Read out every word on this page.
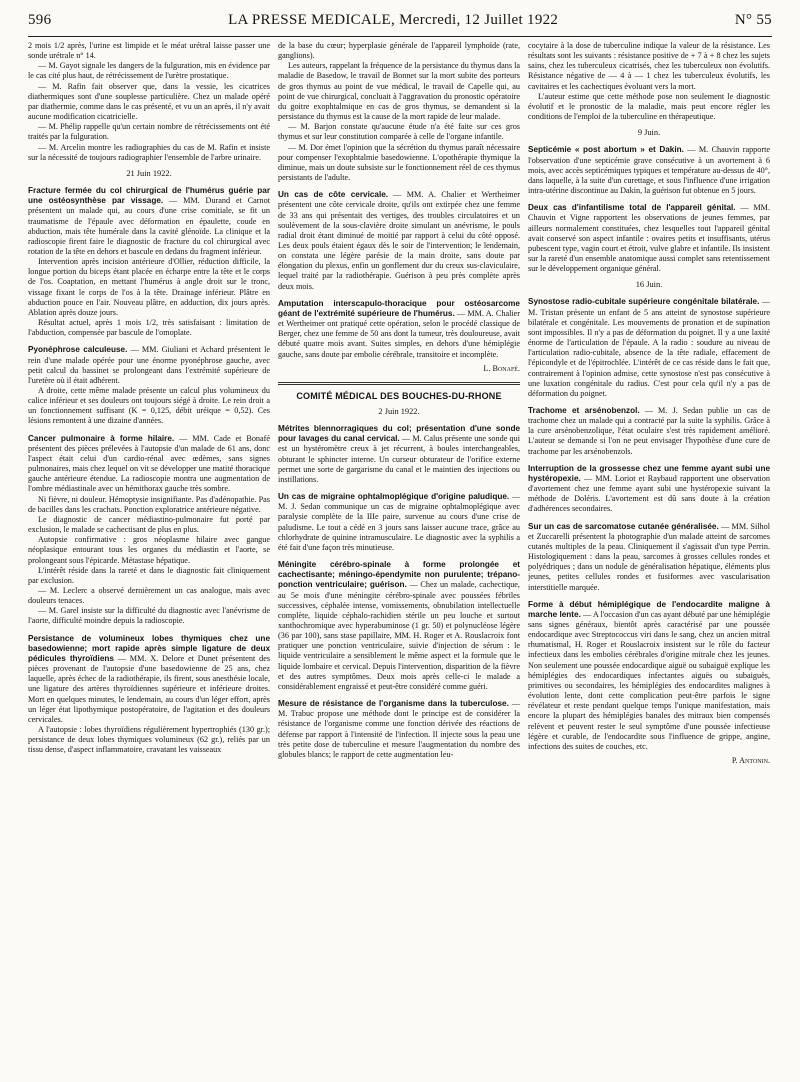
596	LA PRESSE MEDICALE, Mercredi, 12 Juillet 1922	N° 55

2 mois 1/2 après, l'urine est limpide et le méat urétral laisse passer une sonde urétrale n° 14.

— M. Gayot signale les dangers de la fulguration, mis en évidence par le cas cité plus haut, de rétrécissement de l'urètre prostatique.

— M. Rafin fait observer que, dans la vessie, les cicatrices diathermiques sont d'une souplesse particulière. Chez un malade opéré par diathermie, comme dans le cas présenté, et vu un an après, il n'y avait aucune modification cicatricielle.

— M. Phélip rappelle qu'un certain nombre de rétrécissements ont été traités par la fulguration.

— M. Arcelin montre les radiographies du cas de M. Rafin et insiste sur la nécessité de toujours radiographier l'ensemble de l'arbre urinaire.

21 Juin 1922.

Fracture fermée du col chirurgical de l'humérus guérie par une ostéosynthèse par vissage. — MM. Durand et Carnot présentent un malade qui, au cours d'une crise comitiale, se fit un traumatisme de l'épaule avec déformation en épaulette, coude en abduction, mais tête humérale dans la cavité glénoïde. La clinique et la radioscopie firent faire le diagnostic de fracture du col chirurgical avec rotation de la tête en dehors et bascule en dedans du fragment inférieur.

Intervention après incision antérieure d'Ollier, réduction difficile, la longue portion du biceps étant placée en écharpe entre la tête et le corps de l'os. Coaptation, en mettant l'humérus à angle droit sur le tronc, vissage fixant le corps de l'os à la tête. Drainage inférieur. Plâtre en abduction pouce en l'air. Nouveau plâtre, en adduction, dix jours après. Ablation après douze jours.

Résultat actuel, après 1 mois 1/2, très satisfaisant : limitation de l'abduction, compensée par bascule de l'omoplate.

Pyonéphrose calculeuse. — MM. Giuliani et Achard présentent le rein d'une malade opérée pour une énorme pyonéphrose gauche, avec petit calcul du bassinet se prolongeant dans l'extrémité supérieure de l'uretère où il était adhérent.

A droite, cette même malade présente un calcul plus volumineux du calice inférieur et ses douleurs ont toujours siégé à droite. Le rein droit a un fonctionnement suffisant (K = 0,125, débit uréique = 0,52). Ces lésions remontent à une dizaine d'années.

Cancer pulmonaire à forme hilaire. — MM. Cade et Bonafé présentent des pièces prélevées à l'autopsie d'un malade de 61 ans, donc l'aspect était celui d'un cardio-rénal avec œdèmes, sans signes pulmonaires, mais chez lequel on vit se développer une matité thoracique gauche antérieure étendue. La radioscopie montra une augmentation de l'ombre médiastinale avec un hémithorax gauche très sombre.

Ni fièvre, ni douleur. Hémoptysie insignifiante. Pas d'adénopathie. Pas de bacilles dans les crachats. Ponction exploratrice antérieure négative.

Le diagnostic de cancer médiastino-pulmonaire fut porté par exclusion, le malade se cachectisant de plus en plus.

Autopsie confirmative : gros néoplasme hilaire avec gangue néoplasique entourant tous les organes du médiastin et l'aorte, se prolongeant sous l'épicarde. Métastase hépatique.

L'intérêt réside dans la rareté et dans le diagnostic fait cliniquement par exclusion.

— M. Leclerc a observé dernièrement un cas analogue, mais avec douleurs tenaces.

— M. Garel insiste sur la difficulté du diagnostic avec l'anévrisme de l'aorte, difficulté moindre depuis la radioscopie.

Persistance de volumineux lobes thymiques chez une basedowienne; mort rapide après simple ligature de deux pédicules thyroïdiens — MM. X. Delore et Dunet présentent des pièces provenant de l'autopsie d'une basedowienne de 25 ans, chez laquelle, après échec de la radiothérapie, ils firent, sous anesthésie locale, une ligature des artères thyroïdiennes supérieure et inférieure droites. Mort en quelques minutes, le lendemain, au cours d'un léger effort, après un léger état lipothymique postopératoire, de l'agitation et des douleurs cervicales.

A l'autopsie : lobes thyroïdiens régulièrement hypertrophiés (130 gr.); persistance de deux lobes thymiques volumineux (62 gr.), reliés par un tissu dense, d'aspect inflammatoire, cravatant les vaisseaux

de la base du cœur; hyperplasie générale de l'appareil lymphoïde (rate, ganglions).

Les auteurs, rappelant la fréquence de la persistance du thymus dans la maladie de Basedow, le travail de Bonnet sur la mort subite des porteurs de gros thymus au point de vue médical, le travail de Capelle qui, au point de vue chirurgical, concluait à l'aggravation du pronostic opératoire du goitre exophtalmique en cas de gros thymus, se demandent si la persistance du thymus est la cause de la mort rapide de leur malade.

— M. Barjon constate qu'aucune étude n'a été faite sur ces gros thymus et sur leur constitution comparée à celle de l'organe infantile.

— M. Dor émet l'opinion que la sécrétion du thymus paraît nécessaire pour compenser l'exophtalmie basedowienne. L'opothérapie thymique la diminue, mais un doute subsiste sur le fonctionnement réel de ces thymus persistants de l'adulte.

Un cas de côte cervicale. — MM. A. Chalier et Wertheimer présentent une côte cervicale droite, qu'ils ont extirpée chez une femme de 33 ans qui présentait des vertiges, des troubles circulatoires et un soulèvement de la sous-clavière droite simulant un anévrisme, le pouls radial droit étant diminué de moitié par rapport à celui du côté opposé. Les deux pouls étaient égaux dès le soir de l'intervention; le lendemain, on constata une légère parésie de la main droite, sans doute par élongation du plexus, enfin un gonflement dur du creux sus-claviculaire, lequel traité par la radiothérapie. Guérison à peu près complète après deux mois.

Amputation interscapulo-thoracique pour ostéosarcome géant de l'extrémité supérieure de l'humérus. — MM. A. Chalier et Wertheimer ont pratiqué cette opération, selon le procédé classique de Berger, chez une femme de 50 ans dont la tumeur, très douloureuse, avait débuté quatre mois avant. Suites simples, en dehors d'une hémiplégie gauche, sans doute par embolie cérébrale, transitoire et incomplète.

L. Bonafé.
COMITÉ MÉDICAL DES BOUCHES-DU-RHONE
2 Juin 1922.

Métrites blennorragiques du col; présentation d'une sonde pour lavages du canal cervical. — M. Calus présente une sonde qui est un hystéromètre creux à jet récurrent, à boules interchangeables, obturant le sphincter interne. Un curseur obturateur de l'orifice externe permet une sorte de gargarisme du canal et le maintien des injections ou instillations.

Un cas de migraine ophtalmoplégique d'origine paludique. — M. J. Sedan communique un cas de migraine ophtalmoplégique avec paralysie complète de la IIIe paire, survenue au cours d'une crise de paludisme. Le tout a cédé en 3 jours sans laisser aucune trace, grâce au chlorhydrate de quinine intramusculaire. Le diagnostic avec la syphilis a été fait d'une façon très minutieuse.

Méningite cérébro-spinale à forme prolongée et cachectisante; méningo-épendymite non purulente; trépano-ponction ventriculaire; guérison. — Chez un malade, cachectique, au 5e mois d'une méningite cérébro-spinale avec poussées fébriles successives, céphalée intense, vomissements, obnubilation intellectuelle complète, liquide céphalo-rachidien stérile un peu louche et surtout xanthochromique avec hyperabuminose (1 gr. 50) et polynucléose légère (36 par 100), sans stase papillaire, MM. H. Roger et A. Rouslacroix font pratiquer une ponction ventriculaire, suivie d'injection de sérum : le liquide ventriculaire a sensiblement le même aspect et la formule que le liquide lombaire et cervical. Depuis l'intervention, disparition de la fièvre et des autres symptômes. Deux mois après celle-ci le malade a considérablement engraissé et peut-être considéré comme guéri.

Mesure de résistance de l'organisme dans la tuberculose. — M. Trabuc propose une méthode dont le principe est de considérer la résistance de l'organisme comme une fonction dérivée des réactions de défense par rapport à l'intensité de l'infection. Il injecte sous la peau une très petite dose de tuberculine et mesure l'augmentation du nombre des globules blancs; le rapport de cette augmentation leu-

cocytaire à la dose de tuberculine indique la valeur de la résistance. Les résultats sont les suivants : résistance positive de + 7 à + 8 chez les sujets sains, chez les tuberculeux cicatrisés, chez les tuberculeux non évolutifs. Résistance négative de — 4 à — 1 chez les tuberculeux évolutifs, les cavitaires et les cachectiques évoluant vers la mort.

L'auteur estime que cette méthode pose non seulement le diagnostic évolutif et le pronostic de la maladie, mais peut encore régler les conditions de l'emploi de la tuberculine en thérapeutique.

9 Juin.

Septicémie « post abortum » et Dakin. — M. Chauvin rapporte l'observation d'une septicémie grave consécutive à un avortement à 6 mois, avec accès septicémiques typiques et température au-dessus de 40°, dans laquelle, à la suite d'un curettage, et sous l'influence d'une irrigation intra-utérine discontinue au Dakin, la guérison fut obtenue en 5 jours.

Deux cas d'infantilisme total de l'appareil génital. — MM. Chauvin et Vigne rapportent les observations de jeunes femmes, par ailleurs normalement constituées, chez lesquelles tout l'appareil génital avait conservé son aspect infantile : ovaires petits et insuffisants, utérus pubescent type, vagin court et étroit, vulve glabre et infantile. Ils insistent sur la rareté d'un ensemble anatomique aussi complet sans retentissement sur le développement organique général.

16 Juin.

Synostose radio-cubitale supérieure congénitale bilatérale. — M. Tristan présente un enfant de 5 ans atteint de synostose supérieure bilatérale et congénitale. Les mouvements de pronation et de supination sont impossibles. Il n'y a pas de déformation du poignet. Il y a une laxité énorme de l'articulation de l'épaule. A la radio : soudure au niveau de l'articulation radio-cubitale, absence de la tête radiale, effacement de l'épicondyle et de l'épitrochlée. L'intérêt de ce cas réside dans le fait que, contrairement à l'opinion admise, cette synostose n'est pas consécutive à une luxation congénitale du radius. C'est pour cela qu'il n'y a pas de déformation du poignet.

Trachome et arsénobenzol. — M. J. Sedan publie un cas de trachome chez un malade qui a contracté par la suite la syphilis. Grâce à la cure arsénobenzolique, l'état oculaire s'est très rapidement amélioré. L'auteur se demande si l'on ne peut envisager l'hypothèse d'une cure de trachome par les arsénobenzols.

Interruption de la grossesse chez une femme ayant subi une hystéropexie. — MM. Loriot et Raybaud rapportent une observation d'avortement chez une femme ayant subi une hystéropexie suivant la méthode de Doléris. L'avortement est dû sans doute à la création d'adhérences secondaires.

Sur un cas de sarcomatose cutanée généralisée. — MM. Silhol et Zuccarelli présentent la photographie d'un malade atteint de sarcomes cutanés multiples de la peau. Cliniquement il s'agissait d'un type Perrin. Histologiquement : dans la peau, sarcomes à grosses cellules rondes et polyédriques ; dans un nodule de généralisation hépatique, éléments plus jeunes, petites cellules rondes et fusiformes avec vascularisation interstitielle marquée.

Forme à début hémiplégique de l'endocardite maligne à marche lente. — A l'occasion d'un cas ayant débuté par une hémiplégie sans signes généraux, bientôt après caractérisé par une poussée endocardique avec Streptococcus viri dans le sang, chez un ancien mitral rhumatismal, H. Roger et Rouslacroix insistent sur le rôle du facteur infectieux dans les embolies cérébrales d'origine mitrale chez les jeunes. Non seulement une poussée endocardique aiguë ou subaiguë explique les hémiplégies des endocardiques infectantes aiguës ou subaiguës, primitives ou secondaires, les hémiplégies des endocardites malignes à évolution lente, dont cette complication peut-être parfois le signe révélateur et reste pendant quelque temps l'unique manifestation, mais encore la plupart des hémiplégies banales des mitraux bien compensés relèvent et peuvent rester le seul symptôme d'une poussée infectieuse légère et curable, de l'endocardite sous l'influence de grippe, angine, infections des suites de couches, etc.

P. Antonin.
